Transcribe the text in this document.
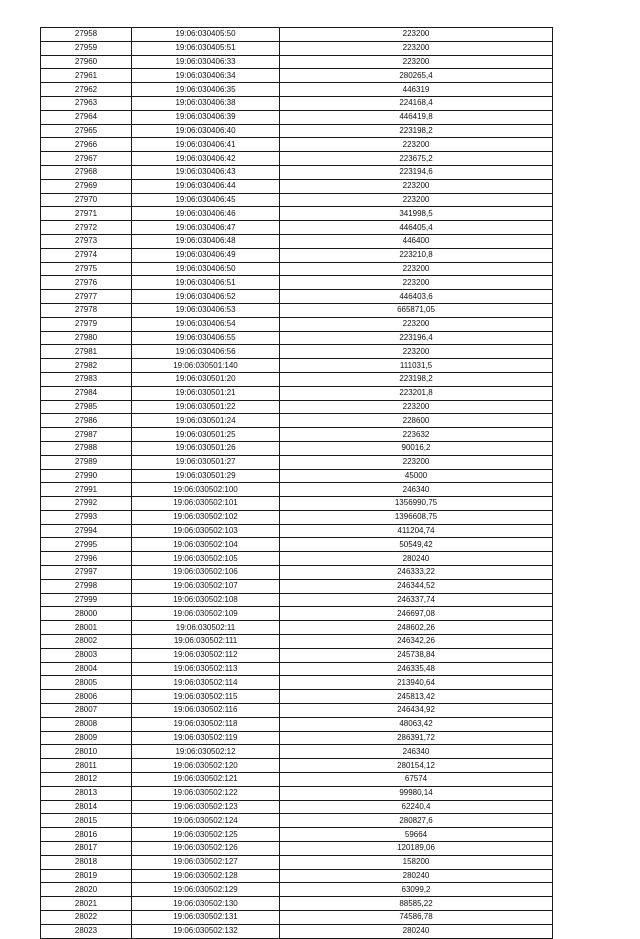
27958	19:06:030405:50	223200
27959	19:06:030405:51	223200
27960	19:06:030406:33	223200
27961	19:06:030406:34	280265,4
27962	19:06:030406:35	446319
27963	19:06:030406:38	224168,4
27964	19:06:030406:39	446419,8
27965	19:06:030406:40	223198,2
27966	19:06:030406:41	223200
27967	19:06:030406:42	223675,2
27968	19:06:030406:43	223194,6
27969	19:06:030406:44	223200
27970	19:06:030406:45	223200
27971	19:06:030406:46	341998,5
27972	19:06:030406:47	446405,4
27973	19:06:030406:48	446400
27974	19:06:030406:49	223210,8
27975	19:06:030406:50	223200
27976	19:06:030406:51	223200
27977	19:06:030406:52	446403,6
27978	19:06:030406:53	665871,05
27979	19:06:030406:54	223200
27980	19:06:030406:55	223196,4
27981	19:06:030406:56	223200
27982	19:06:030501:140	111031,5
27983	19:06:030501:20	223198,2
27984	19:06:030501:21	223201,8
27985	19:06:030501:22	223200
27986	19:06:030501:24	228600
27987	19:06:030501:25	223632
27988	19:06:030501:26	90016,2
27989	19:06:030501:27	223200
27990	19:06:030501:29	45000
27991	19:06:030502:100	246340
27992	19:06:030502:101	1356990,75
27993	19:06:030502:102	1396608,75
27994	19:06:030502:103	411204,74
27995	19:06:030502:104	50549,42
27996	19:06:030502:105	280240
27997	19:06:030502:106	246333,22
27998	19:06:030502:107	246344,52
27999	19:06:030502:108	246337,74
28000	19:06:030502:109	246697,08
28001	19:06:030502:11	248602,26
28002	19:06:030502:111	246342,26
28003	19:06:030502:112	245738,84
28004	19:06:030502:113	246335,48
28005	19:06:030502:114	213940,64
28006	19:06:030502:115	245813,42
28007	19:06:030502:116	246434,92
28008	19:06:030502:118	48063,42
28009	19:06:030502:119	286391,72
28010	19:06:030502:12	246340
28011	19:06:030502:120	280154,12
28012	19:06:030502:121	67574
28013	19:06:030502:122	99980,14
28014	19:06:030502:123	62240,4
28015	19:06:030502:124	280827,6
28016	19:06:030502:125	59664
28017	19:06:030502:126	120189,06
28018	19:06:030502:127	158200
28019	19:06:030502:128	280240
28020	19:06:030502:129	63099,2
28021	19:06:030502:130	88585,22
28022	19:06:030502:131	74586,78
28023	19:06:030502:132	280240
